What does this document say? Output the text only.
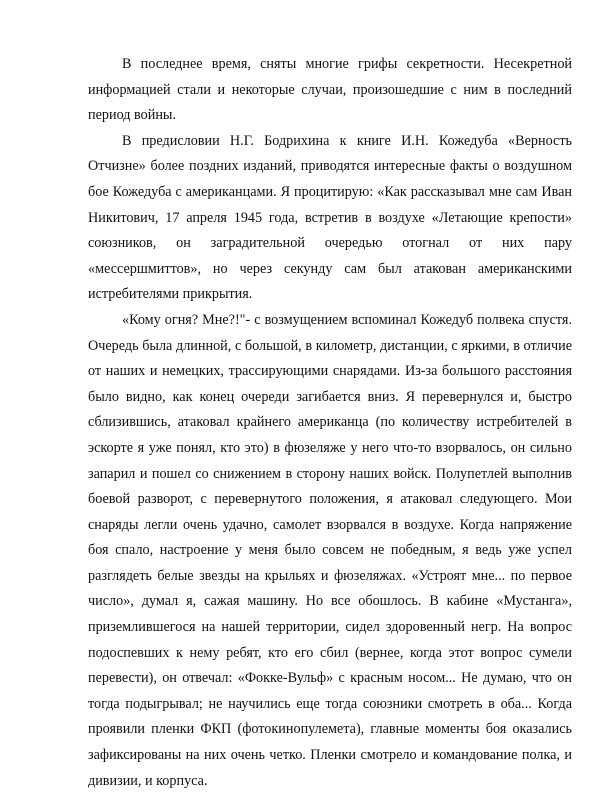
В последнее время, сняты многие грифы секретности. Несекретной информацией стали и некоторые случаи, произошедшие с ним в последний период войны.

В предисловии Н.Г. Бодрихина к книге И.Н. Кожедуба «Верность Отчизне» более поздних изданий, приводятся интересные факты о воздушном бое Кожедуба с американцами. Я процитирую: «Как рассказывал мне сам Иван Никитович, 17 апреля 1945 года, встретив в воздухе «Летающие крепости» союзников, он заградительной очередью отогнал от них пару «мессершмиттов», но через секунду сам был атакован американскими истребителями прикрытия.

«Кому огня? Мне?!"- с возмущением вспоминал Кожедуб полвека спустя. Очередь была длинной, с большой, в километр, дистанции, с яркими, в отличие от наших и немецких, трассирующими снарядами. Из-за большого расстояния было видно, как конец очереди загибается вниз. Я перевернулся и, быстро сблизившись, атаковал крайнего американца (по количеству истребителей в эскорте я уже понял, кто это) в фюзеляже у него что-то взорвалось, он сильно запарил и пошел со снижением в сторону наших войск. Полупетлей выполнив боевой разворот, с перевернутого положения, я атаковал следующего. Мои снаряды легли очень удачно, самолет взорвался в воздухе. Когда напряжение боя спало, настроение у меня было совсем не победным, я ведь уже успел разглядеть белые звезды на крыльях и фюзеляжах. «Устроят мне... по первое число», думал я, сажая машину. Но все обошлось. В кабине «Мустанга», приземлившегося на нашей территории, сидел здоровенный негр. На вопрос подоспевших к нему ребят, кто его сбил (вернее, когда этот вопрос сумели перевести), он отвечал: «Фокке-Вульф» с красным носом... Не думаю, что он тогда подыгрывал; не научились еще тогда союзники смотреть в оба... Когда проявили пленки ФКП (фотокинопулемета), главные моменты боя оказались зафиксированы на них очень четко. Пленки смотрело и командование полка, и дивизии, и корпуса.
